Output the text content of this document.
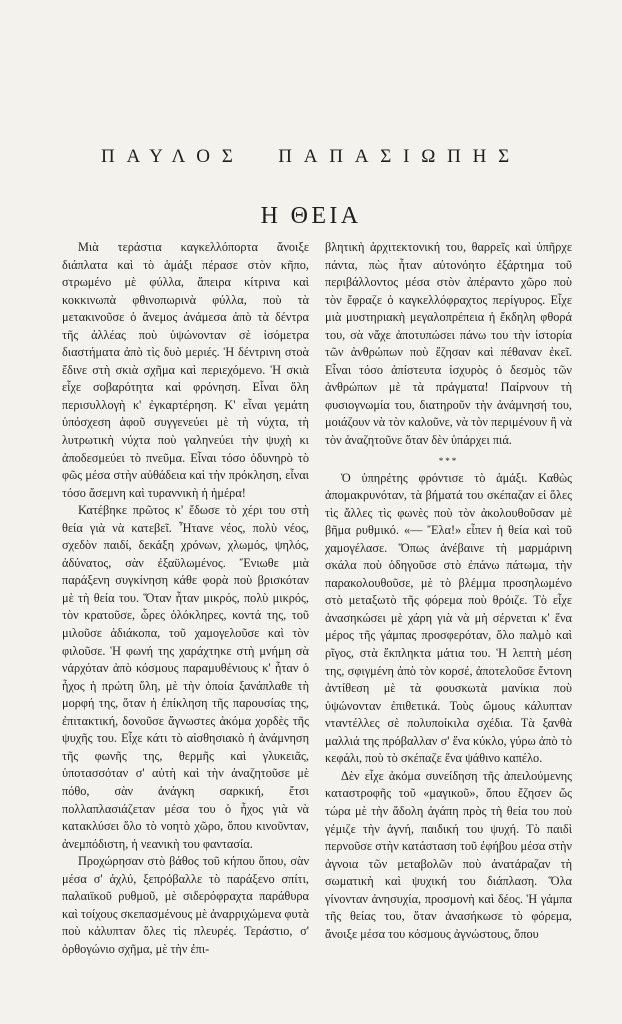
ΠΑΥΛΟΣ ΠΑΠΑΣΙΩΠΗΣ
Η ΘΕΙΑ

Μιὰ τεράστια καγκελλόπορτα ἄνοιξε διάπλατα καὶ τὸ ἁμάξι πέρασε στὸν κῆπο, στρωμένο μὲ φύλλα, ἄπειρα κίτρινα καὶ κοκκινωπὰ φθινοπωρινὰ φύλλα, ποὺ τὰ μετακινοῦσε ὁ ἄνεμος ἀνάμεσα ἀπὸ τὰ δέντρα τῆς ἀλλέας ποὺ ὑψώνονταν σὲ ἰσόμετρα διαστήματα ἀπὸ τὶς δυὸ μεριές. Ἡ δέντρινη στοὰ ἔδινε στὴ σκιὰ σχῆμα καὶ περιεχόμενο. Ἡ σκιὰ εἶχε σοβαρότητα καὶ φρόνηση. Εἶναι ὅλη περισυλλογὴ κ' ἐγκαρτέρηση. Κ' εἶναι γεμάτη ὑπόσχεση ἀφοῦ συγγενεύει μὲ τὴ νύχτα, τὴ λυτρωτικὴ νύχτα ποὺ γαληνεύει τὴν ψυχὴ κι ἀποδεσμεύει τὸ πνεῦμα. Εἶναι τόσο ὀδυνηρὸ τὸ φῶς μέσα στὴν αὐθάδεια καὶ τὴν πρόκληση, εἶναι τόσο ἄσεμνη καὶ τυραννικὴ ἡ ἡμέρα!

Κατέβηκε πρῶτος κ' ἔδωσε τὸ χέρι του στὴ θεία γιὰ νὰ κατεβεῖ. Ἦτανε νέος, πολὺ νέος, σχεδὸν παιδί, δεκάξη χρόνων, χλωμός, ψηλός, ἀδύνατος, σὰν ἐξαϋλωμένος. Ἔνιωθε μιὰ παράξενη συγκίνηση κάθε φορὰ ποὺ βρισκόταν μὲ τὴ θεία του. Ὅταν ἦταν μικρός, πολὺ μικρός, τὸν κρατοῦσε, ὧρες ὁλόκληρες, κοντά της, τοῦ μιλοῦσε ἀδιάκοπα, τοῦ χαμογελοῦσε καὶ τὸν φιλοῦσε. Ἡ φωνή της χαράχτηκε στὴ μνήμη σὰ νάρχόταν ἀπὸ κόσμους παραμυθένιους κ' ἦταν ὁ ἦχος ἡ πρώτη ὕλη, μὲ τὴν ὁποία ξανάπλαθε τὴ μορφή της, ὅταν ἡ ἐπίκληση τῆς παρουσίας της, ἐπιτακτική, δονοῦσε ἄγνωστες ἀκόμα χορδὲς τῆς ψυχῆς του. Εἶχε κάτι τὸ αἰσθησιακὸ ἡ ἀνάμνηση τῆς φωνῆς της, θερμῆς καὶ γλυκειᾶς, ὑποτασσόταν σ' αὐτὴ καὶ τὴν ἀναζητοῦσε μὲ πόθο, σὰν ἀνάγκη σαρκική, ἔτσι πολλαπλασιάζεταν μέσα του ὁ ἦχος γιὰ νὰ κατακλύσει ὅλο τὸ νοητὸ χῶρο, ὅπου κινοῦνταν, ἀνεμπόδιστη, ἡ νεανικὴ του φαντασία.

Προχώρησαν στὸ βάθος τοῦ κήπου ὅπου, σὰν μέσα σ' ἀχλύ, ξεπρόβαλλε τὸ παράξενο σπίτι, παλαιϊκοῦ ρυθμοῦ, μὲ σιδερόφραχτα παράθυρα καὶ τοίχους σκεπασμένους μὲ ἀναρριχώμενα φυτὰ ποὺ κάλυπταν ὅλες τὶς πλευρές. Τεράστιο, σ' ὀρθογώνιο σχῆμα, μὲ τὴν ἐπι-

βλητικὴ ἀρχιτεκτονική του, θαρρεῖς καὶ ὑπῆρχε πάντα, πὼς ἦταν αὐτονόητο ἐξάρτημα τοῦ περιβάλλοντος μέσα στὸν ἀπέραντο χῶρο ποὺ τὸν ἔφραζε ὁ καγκελλόφραχτος περίγυρος. Εἶχε μιὰ μυστηριακὴ μεγαλοπρέπεια ἡ ἔκδηλη φθορά του, σὰ νἄχε ἀποτυπώσει πάνω του τὴν ἱστορία τῶν ἀνθρώπων ποὺ ἔζησαν καὶ πέθαναν ἐκεῖ. Εἶναι τόσο ἀπίστευτα ἰσχυρὸς ὁ δεσμὸς τῶν ἀνθρώπων μὲ τὰ πράγματα! Παίρνουν τὴ φυσιογνωμία του, διατηροῦν τὴν ἀνάμνησή του, μοιάζουν νὰ τὸν καλοῦνε, νὰ τὸν περιμένουν ἢ νὰ τὸν ἀναζητοῦνε ὅταν δὲν ὑπάρχει πιά.

***

Ὁ ὑπηρέτης φρόντισε τὸ ἁμάξι. Καθὼς ἀπομακρυνόταν, τὰ βήματά του σκέπαζαν εἰ ὅλες τὶς ἄλλες τὶς φωνὲς ποὺ τὸν ἀκολουθοῦσαν μὲ βῆμα ρυθμικό. «— Ἔλα!» εἶπεν ἡ θεία καὶ τοῦ χαμογέλασε. Ὅπως ἀνέβαινε τὴ μαρμάρινη σκάλα ποὺ ὁδηγοῦσε στὸ ἐπάνω πάτωμα, τὴν παρακολουθοῦσε, μὲ τὸ βλέμμα προσηλωμένο στὸ μεταξωτὸ τῆς φόρεμα ποὺ θρόιζε. Τὸ εἶχε ἀνασηκώσει μὲ χάρη γιὰ νὰ μὴ σέρνεται κ' ἕνα μέρος τῆς γάμπας προσφερόταν, ὅλο παλμὸ καὶ ρῖγος, στὰ ἔκπληκτα μάτια του. Ἡ λεπτὴ μέση της, σφιγμένη ἀπὸ τὸν κορσέ, ἀποτελοῦσε ἔντονη ἀντίθεση μὲ τὰ φουσκωτὰ μανίκια ποὺ ὑψώνονταν ἐπιθετικά. Τοὺς ὤμους κάλυπταν νταντέλλες σὲ πολυποίκιλα σχέδια. Τὰ ξανθὰ μαλλιά της πρόβαλλαν σ' ἕνα κύκλο, γύρω ἀπὸ τὸ κεφάλι, ποὺ τὸ σκέπαζε ἕνα ψάθινο καπέλο.

Δὲν εἶχε ἀκόμα συνείδηση τῆς ἀπειλούμενης καταστροφῆς τοῦ «μαγικοῦ», ὅπου ἔζησεν ὥς τώρα μὲ τὴν ἄδολη ἀγάπη πρὸς τὴ θεία του ποὺ γέμιζε τὴν ἁγνή, παιδική του ψυχή. Τὸ παιδὶ περνοῦσε στὴν κατάσταση τοῦ ἐφήβου μέσα στὴν ἀγνοια τῶν μεταβολῶν ποὺ ἀνατάραζαν τὴ σωματικὴ καὶ ψυχική του διάπλαση. Ὅλα γίνονταν ἀνησυχία, προσμονὴ καὶ δέος. Ἡ γάμπα τῆς θείας του, ὅταν ἀνασήκωσε τὸ φόρεμα, ἄνοιξε μέσα του κόσμους ἀγνώστους, ὅπου
